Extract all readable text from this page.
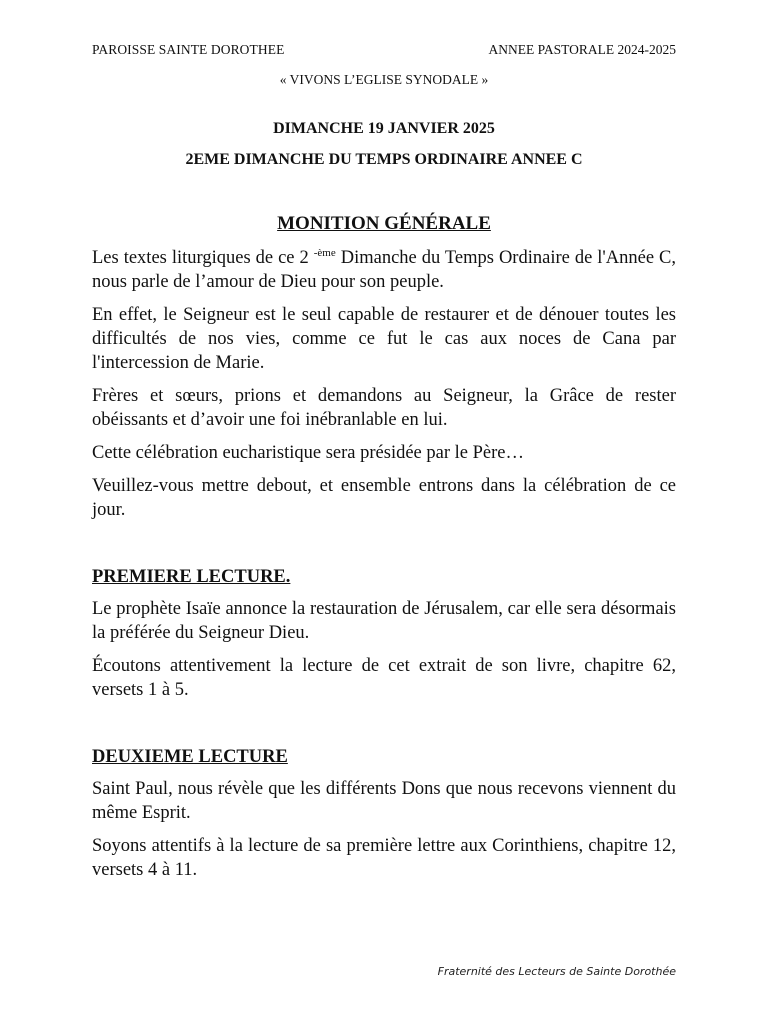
PAROISSE SAINTE DOROTHEE	ANNEE PASTORALE 2024-2025
« VIVONS L’EGLISE SYNODALE »
DIMANCHE 19 JANVIER 2025
2EME DIMANCHE DU TEMPS ORDINAIRE ANNEE C
MONITION GÉNÉRALE

Les textes liturgiques de ce 2 $^{-ème}$ Dimanche du Temps Ordinaire de l'Année C, nous parle de l’amour de Dieu pour son peuple.

En effet, le Seigneur est le seul capable de restaurer et de dénouer toutes les difficultés de nos vies, comme ce fut le cas aux noces de Cana par l'intercession de Marie.

Frères et sœurs, prions et demandons au Seigneur, la Grâce de rester obéissants et d’avoir une foi inébranlable en lui.

Cette célébration eucharistique sera présidée par le Père…

Veuillez-vous mettre debout, et ensemble entrons dans la célébration de ce jour.

PREMIERE LECTURE.

Le prophète Isaïe annonce la restauration de Jérusalem, car elle sera désormais la préférée du Seigneur Dieu.

Écoutons attentivement la lecture de cet extrait de son livre, chapitre 62, versets 1 à 5.

DEUXIEME LECTURE

Saint Paul, nous révèle que les différents Dons que nous recevons viennent du même Esprit.

Soyons attentifs à la lecture de sa première lettre aux Corinthiens, chapitre 12, versets 4 à 11.

Fraternité des Lecteurs de Sainte Dorothée
